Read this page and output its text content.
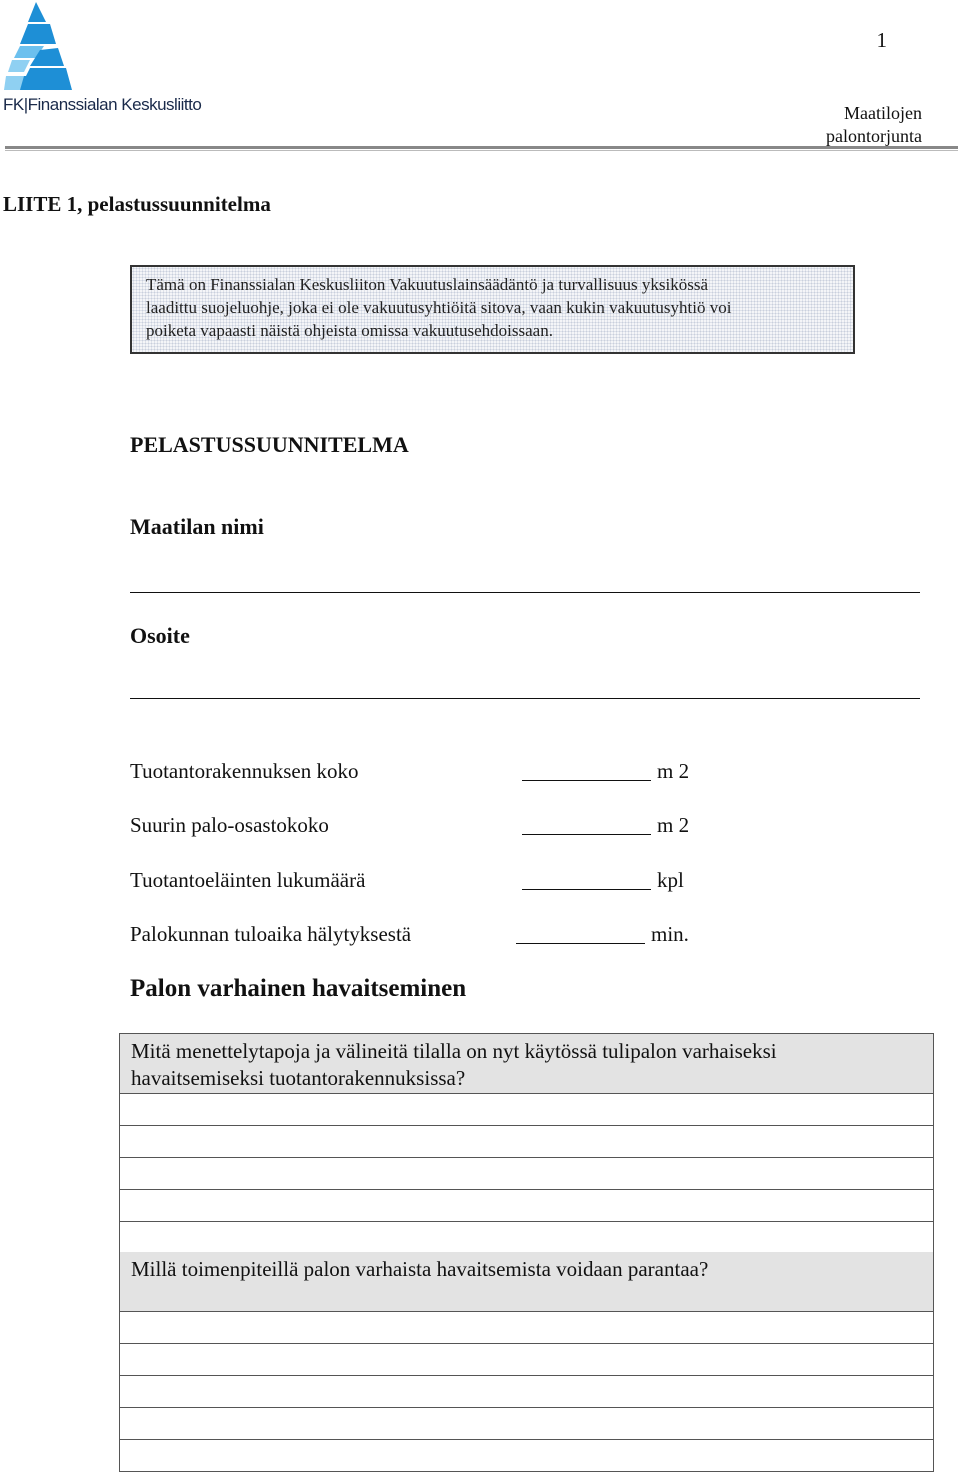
FK|Finanssialan Keskusliitto
1
Maatilojen
palontorjunta
LIITE 1, pelastussuunnitelma
Tämä on Finanssialan Keskusliiton Vakuutuslainsäädäntö ja turvallisuus yksikössä
laadittu suojeluohje, joka ei ole vakuutusyhtiöitä sitova, vaan kukin vakuutusyhtiö voi
poiketa vapaasti näistä ohjeista omissa vakuutusehdoissaan.
PELASTUSSUUNNITELMA
Maatilan nimi
Osoite
Tuotantorakennuksen koko	m 2
Suurin palo-osastokoko	m 2
Tuotantoeläinten lukumäärä	kpl
Palokunnan tuloaika hälytyksestä	min.
Palon varhainen havaitseminen
Mitä menettelytapoja ja välineitä tilalla on nyt käytössä tulipalon varhaiseksi
havaitsemiseksi tuotantorakennuksissa?
Millä toimenpiteillä palon varhaista havaitsemista voidaan parantaa?
